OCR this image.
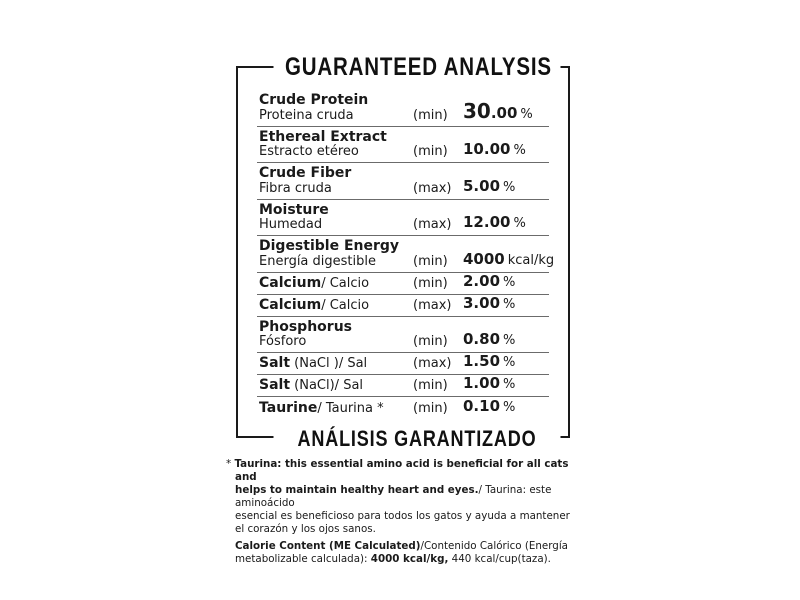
GUARANTEED ANALYSIS
ANÁLISIS GARANTIZADO
Crude Protein
Proteina cruda	(min) 30.00 %
Ethereal Extract
Estracto etéreo	(min) 10.00 %
Crude Fiber
Fibra cruda	(max) 5.00 %
Moisture
Humedad	(max) 12.00 %
Digestible Energy
Energía digestible	(min) 4000 kcal/kg
Calcium/ Calcio	(min) 2.00 %
Calcium/ Calcio	(max) 3.00 %
Phosphorus
Fósforo	(min) 0.80 %
Salt (NaCl )/ Sal	(max) 1.50 %
Salt (NaCl)/ Sal	(min) 1.00 %
Taurine/ Taurina * (min) 0.10 %

* Taurina: this essential amino acid is beneficial for all cats and

helps to maintain healthy heart and eyes./ Taurina: este aminoácido

esencial es beneficioso para todos los gatos y ayuda a mantener

el corazón y los ojos sanos.

Calorie Content (ME Calculated)/Contenido Calórico (Energía

metabolizable calculada): 4000 kcal/kg, 440 kcal/cup(taza).
